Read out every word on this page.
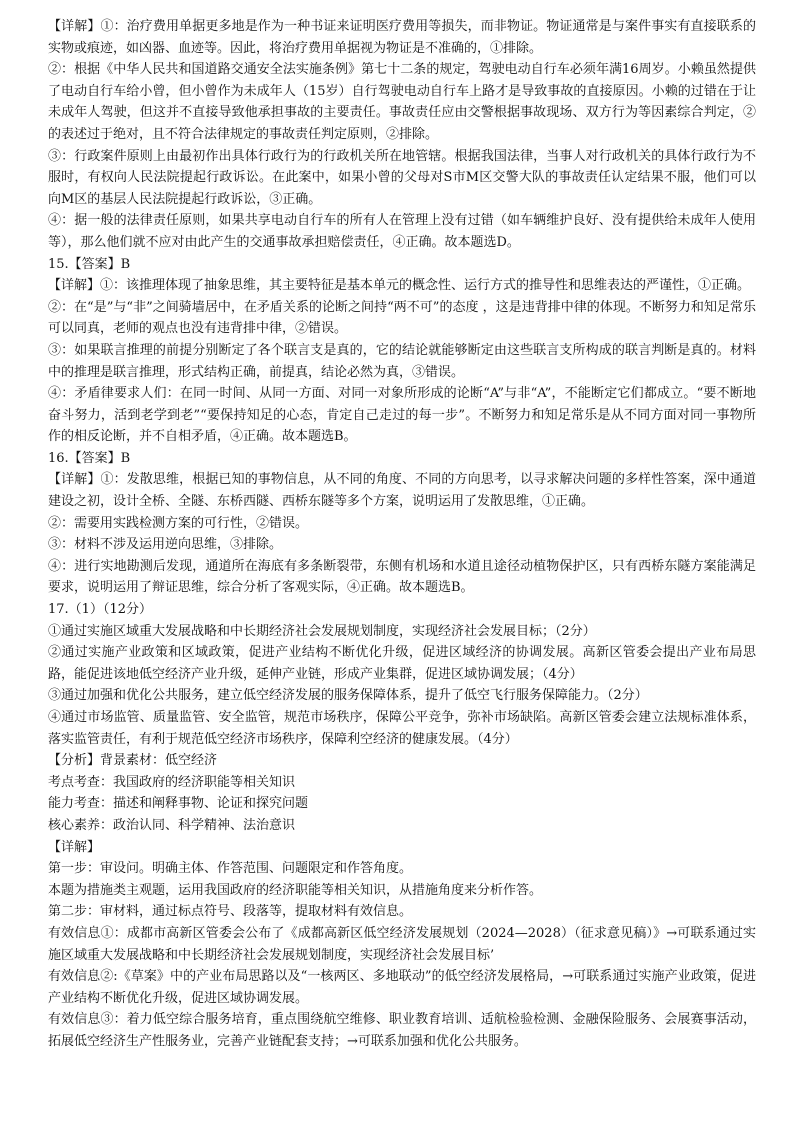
【详解】①：治疗费用单据更多地是作为一种书证来证明医疗费用等损失，而非物证。物证通常是与案件事实有直接联系的实物或痕迹，如凶器、血迹等。因此，将治疗费用单据视为物证是不准确的，①排除。

②：根据《中华人民共和国道路交通安全法实施条例》第七十二条的规定，驾驶电动自行车必须年满16周岁。小赖虽然提供了电动自行车给小曾，但小曾作为未成年人（15岁）自行驾驶电动自行车上路才是导致事故的直接原因。小赖的过错在于让未成年人驾驶，但这并不直接导致他承担事故的主要责任。事故责任应由交警根据事故现场、双方行为等因素综合判定，②的表述过于绝对，且不符合法律规定的事故责任判定原则，②排除。

③：行政案件原则上由最初作出具体行政行为的行政机关所在地管辖。根据我国法律，当事人对行政机关的具体行政行为不服时，有权向人民法院提起行政诉讼。在此案中，如果小曾的父母对S市M区交警大队的事故责任认定结果不服，他们可以向M区的基层人民法院提起行政诉讼，③正确。

④：据一般的法律责任原则，如果共享电动自行车的所有人在管理上没有过错（如车辆维护良好、没有提供给未成年人使用等），那么他们就不应对由此产生的交通事故承担赔偿责任，④正确。故本题选D。

15.【答案】B

【详解】①：该推理体现了抽象思维，其主要特征是基本单元的概念性、运行方式的推导性和思维表达的严谨性，①正确。

②：在“是”与“非”之间骑墙居中，在矛盾关系的论断之间持“两不可”的态度 ，这是违背排中律的体现。不断努力和知足常乐可以同真，老师的观点也没有违背排中律，②错误。

③：如果联言推理的前提分别断定了各个联言支是真的，它的结论就能够断定由这些联言支所构成的联言判断是真的。材料中的推理是联言推理，形式结构正确，前提真，结论必然为真，③错误。

④：矛盾律要求人们：在同一时间、从同一方面、对同一对象所形成的论断“A”与非“A”，不能断定它们都成立。“要不断地奋斗努力，活到老学到老”“要保持知足的心态，肯定自己走过的每一步”。不断努力和知足常乐是从不同方面对同一事物所作的相反论断，并不自相矛盾，④正确。故本题选B。

16.【答案】B

【详解】①：发散思维，根据已知的事物信息，从不同的角度、不同的方向思考，以寻求解决问题的多样性答案，深中通道建设之初，设计全桥、全隧、东桥西隧、西桥东隧等多个方案，说明运用了发散思维，①正确。

②：需要用实践检测方案的可行性，②错误。

③：材料不涉及运用逆向思维，③排除。

④：进行实地勘测后发现，通道所在海底有多条断裂带，东侧有机场和水道且途径动植物保护区，只有西桥东隧方案能满足要求，说明运用了辩证思维，综合分析了客观实际，④正确。故本题选B。

17.（1）（12分）

①通过实施区域重大发展战略和中长期经济社会发展规划制度，实现经济社会发展目标；（2分）

②通过实施产业政策和区域政策，促进产业结构不断优化升级，促进区域经济的协调发展。高新区管委会提出产业布局思路，能促进该地低空经济产业升级，延伸产业链，形成产业集群，促进区域协调发展；（4分）

③通过加强和优化公共服务，建立低空经济发展的服务保障体系，提升了低空飞行服务保障能力。（2分）

④通过市场监管、质量监管、安全监管，规范市场秩序，保障公平竞争，弥补市场缺陷。高新区管委会建立法规标准体系，落实监管责任，有利于规范低空经济市场秩序，保障利空经济的健康发展。（4分）

【分析】背景素材：低空经济

考点考查：我国政府的经济职能等相关知识

能力考查：描述和阐释事物、论证和探究问题

核心素养：政治认同、科学精神、法治意识

【详解】

第一步：审设问。明确主体、作答范围、问题限定和作答角度。

本题为措施类主观题，运用我国政府的经济职能等相关知识，从措施角度来分析作答。

第二步：审材料，通过标点符号、段落等，提取材料有效信息。

有效信息①：成都市高新区管委会公布了《成都高新区低空经济发展规划（2024—2028）（征求意见稿）》→可联系通过实施区域重大发展战略和中长期经济社会发展规划制度，实现经济社会发展目标’

有效信息②:《草案》中的产业布局思路以及“一核两区、多地联动”的低空经济发展格局，→可联系通过实施产业政策，促进产业结构不断优化升级，促进区域协调发展。

有效信息③：着力低空综合服务培育，重点围绕航空维修、职业教育培训、适航检验检测、金融保险服务、会展赛事活动，拓展低空经济生产性服务业，完善产业链配套支持；→可联系加强和优化公共服务。
